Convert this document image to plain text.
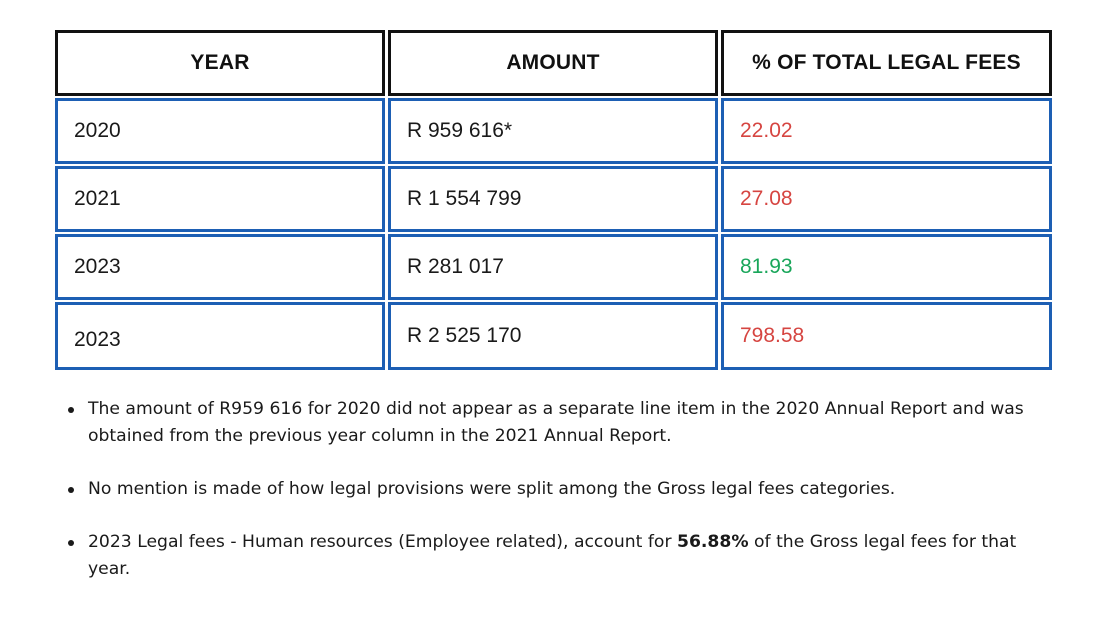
YEAR	AMOUNT	% OF TOTAL LEGAL FEES
2020	R 959 616*	22.02
2021	R 1 554 799	27.08
2023	R 281 017	81.93
2023	R 2 525 170	798.58
The amount of R959 616 for 2020 did not appear as a separate line item in the 2020 Annual Report and was obtained from the previous year column in the 2021 Annual Report.
No mention is made of how legal provisions were split among the Gross legal fees categories.
2023 Legal fees - Human resources (Employee related), account for 56.88% of the Gross legal fees for that year.
